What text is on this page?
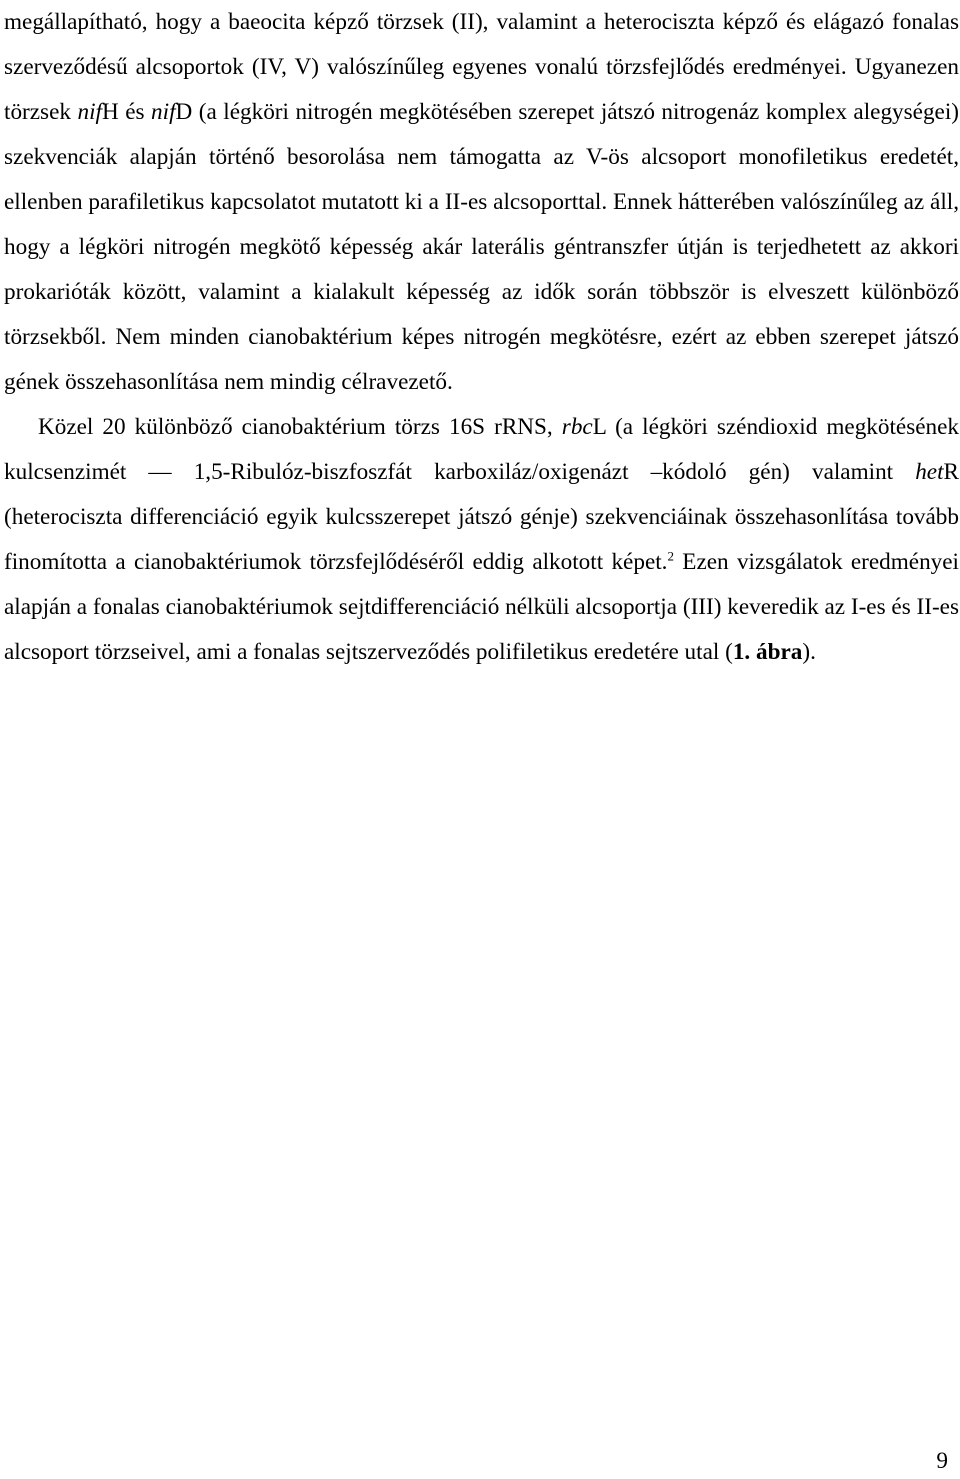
megállapítható, hogy a baeocita képző törzsek (II), valamint a heterociszta képző és elágazó fonalas szerveződésű alcsoportok (IV, V) valószínűleg egyenes vonalú törzsfejlődés eredményei. Ugyanezen törzsek nifH és nifD (a légköri nitrogén megkötésében szerepet játszó nitrogenáz komplex alegységei) szekvenciák alapján történő besorolása nem támogatta az V-ös alcsoport monofiletikus eredetét, ellenben parafiletikus kapcsolatot mutatott ki a II-es alcsoporttal. Ennek hátterében valószínűleg az áll, hogy a légköri nitrogén megkötő képesség akár laterális géntranszfer útján is terjedhetett az akkori prokarióták között, valamint a kialakult képesség az idők során többször is elveszett különböző törzsekből. Nem minden cianobaktérium képes nitrogén megkötésre, ezért az ebben szerepet játszó gének összehasonlítása nem mindig célravezető.

Közel 20 különböző cianobaktérium törzs 16S rRNS, rbcL (a légköri széndioxid megkötésének kulcsenzimét — 1,5-Ribulóz-biszfoszfát karboxiláz/oxigenázt –kódoló gén) valamint hetR (heterociszta differenciáció egyik kulcsszerepet játszó génje) szekvenciáinak összehasonlítása tovább finomította a cianobaktériumok törzsfejlődéséről eddig alkotott képet.$^2$ Ezen vizsgálatok eredményei alapján a fonalas cianobaktériumok sejtdifferenciáció nélküli alcsoportja (III) keveredik az I-es és II-es alcsoport törzseivel, ami a fonalas sejtszerveződés polifiletikus eredetére utal (1. ábra).

9
